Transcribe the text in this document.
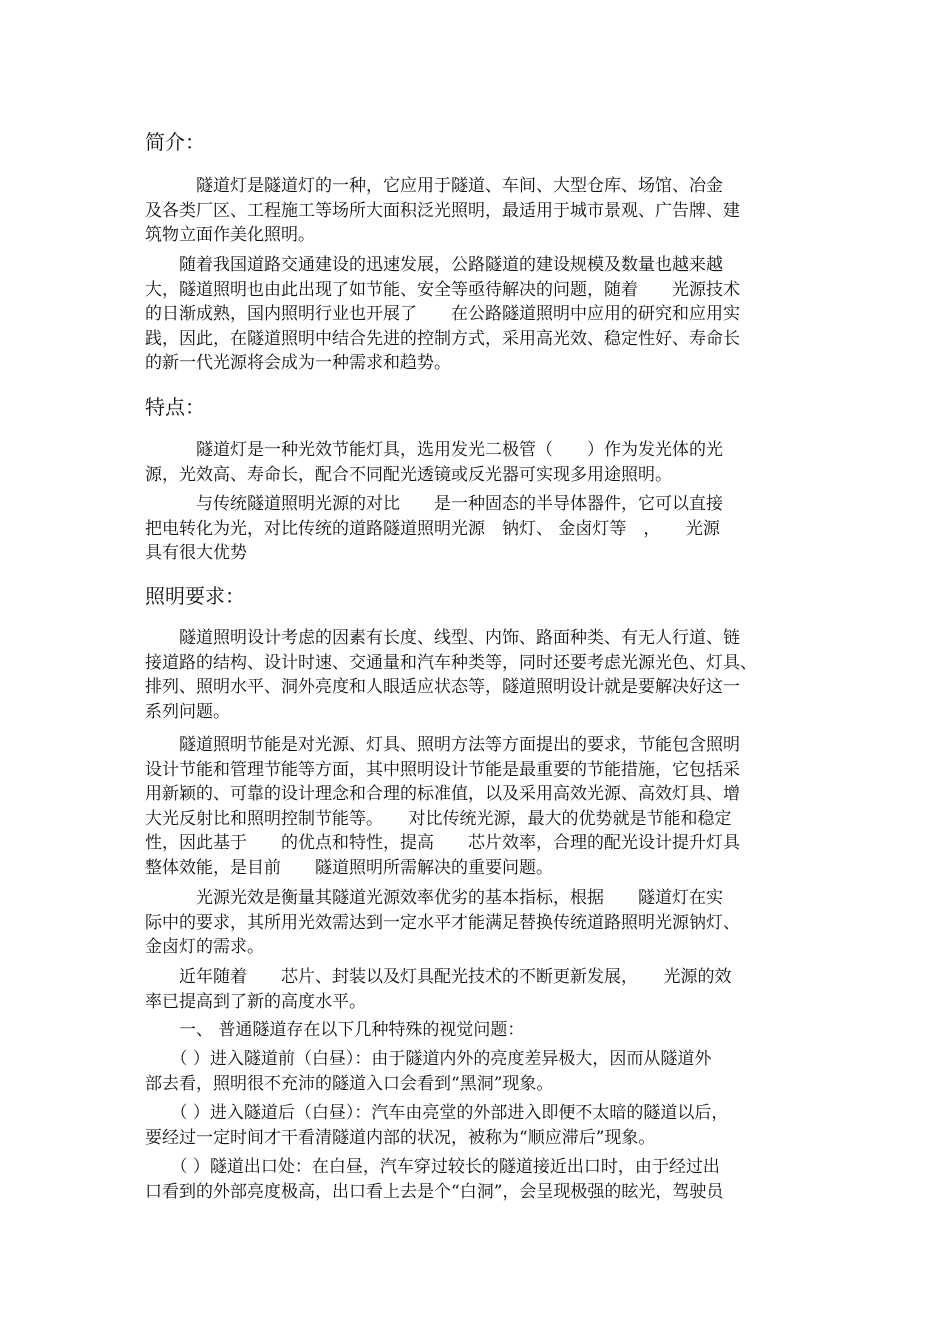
简介：

　　　隧道灯是隧道灯的一种，它应用于隧道、车间、大型仓库、场馆、冶金
及各类厂区、工程施工等场所大面积泛光照明，最适用于城市景观、广告牌、建
筑物立面作美化照明。

　　随着我国道路交通建设的迅速发展，公路隧道的建设规模及数量也越来越
大，隧道照明也由此出现了如节能、安全等亟待解决的问题，随着　　光源技术
的日渐成熟，国内照明行业也开展了　　在公路隧道照明中应用的研究和应用实
践，因此，在隧道照明中结合先进的控制方式，采用高光效、稳定性好、寿命长
的新一代光源将会成为一种需求和趋势。

特点：

　　　隧道灯是一种光效节能灯具，选用发光二极管（　　）作为发光体的光
源，光效高、寿命长，配合不同配光透镜或反光器可实现多用途照明。

　　　与传统隧道照明光源的对比　　是一种固态的半导体器件，它可以直接
把电转化为光，对比传统的道路隧道照明光源　钠灯、 金卤灯等　，　　光源
具有很大优势

照明要求：

　　隧道照明设计考虑的因素有长度、线型、内饰、路面种类、有无人行道、链
接道路的结构、设计时速、交通量和汽车种类等，同时还要考虑光源光色、灯具、
排列、照明水平、洞外亮度和人眼适应状态等，隧道照明设计就是要解决好这一
系列问题。

　　隧道照明节能是对光源、灯具、照明方法等方面提出的要求，节能包含照明
设计节能和管理节能等方面，其中照明设计节能是最重要的节能措施，它包括采
用新颖的、可靠的设计理念和合理的标准值，以及采用高效光源、高效灯具、增
大光反射比和照明控制节能等。　　对比传统光源，最大的优势就是节能和稳定
性，因此基于　　的优点和特性，提高　　芯片效率，合理的配光设计提升灯具
整体效能，是目前　　隧道照明所需解决的重要问题。

　　　光源光效是衡量其隧道光源效率优劣的基本指标，根据　　隧道灯在实
际中的要求，其所用光效需达到一定水平才能满足替换传统道路照明光源钠灯、
金卤灯的需求。

　　近年随着　　芯片、封装以及灯具配光技术的不断更新发展，　　光源的效
率已提高到了新的高度水平。

　　一、 普通隧道存在以下几种特殊的视觉问题：

　　（ ）进入隧道前（白昼）：由于隧道内外的亮度差异极大，因而从隧道外
部去看，照明很不充沛的隧道入口会看到“黑洞”现象。

　　（ ）进入隧道后（白昼）：汽车由亮堂的外部进入即便不太暗的隧道以后，
要经过一定时间才干看清隧道内部的状况，被称为“顺应滞后”现象。

　　（ ）隧道出口处：在白昼，汽车穿过较长的隧道接近出口时，由于经过出
口看到的外部亮度极高，出口看上去是个“白洞”，会呈现极强的眩光，驾驶员
